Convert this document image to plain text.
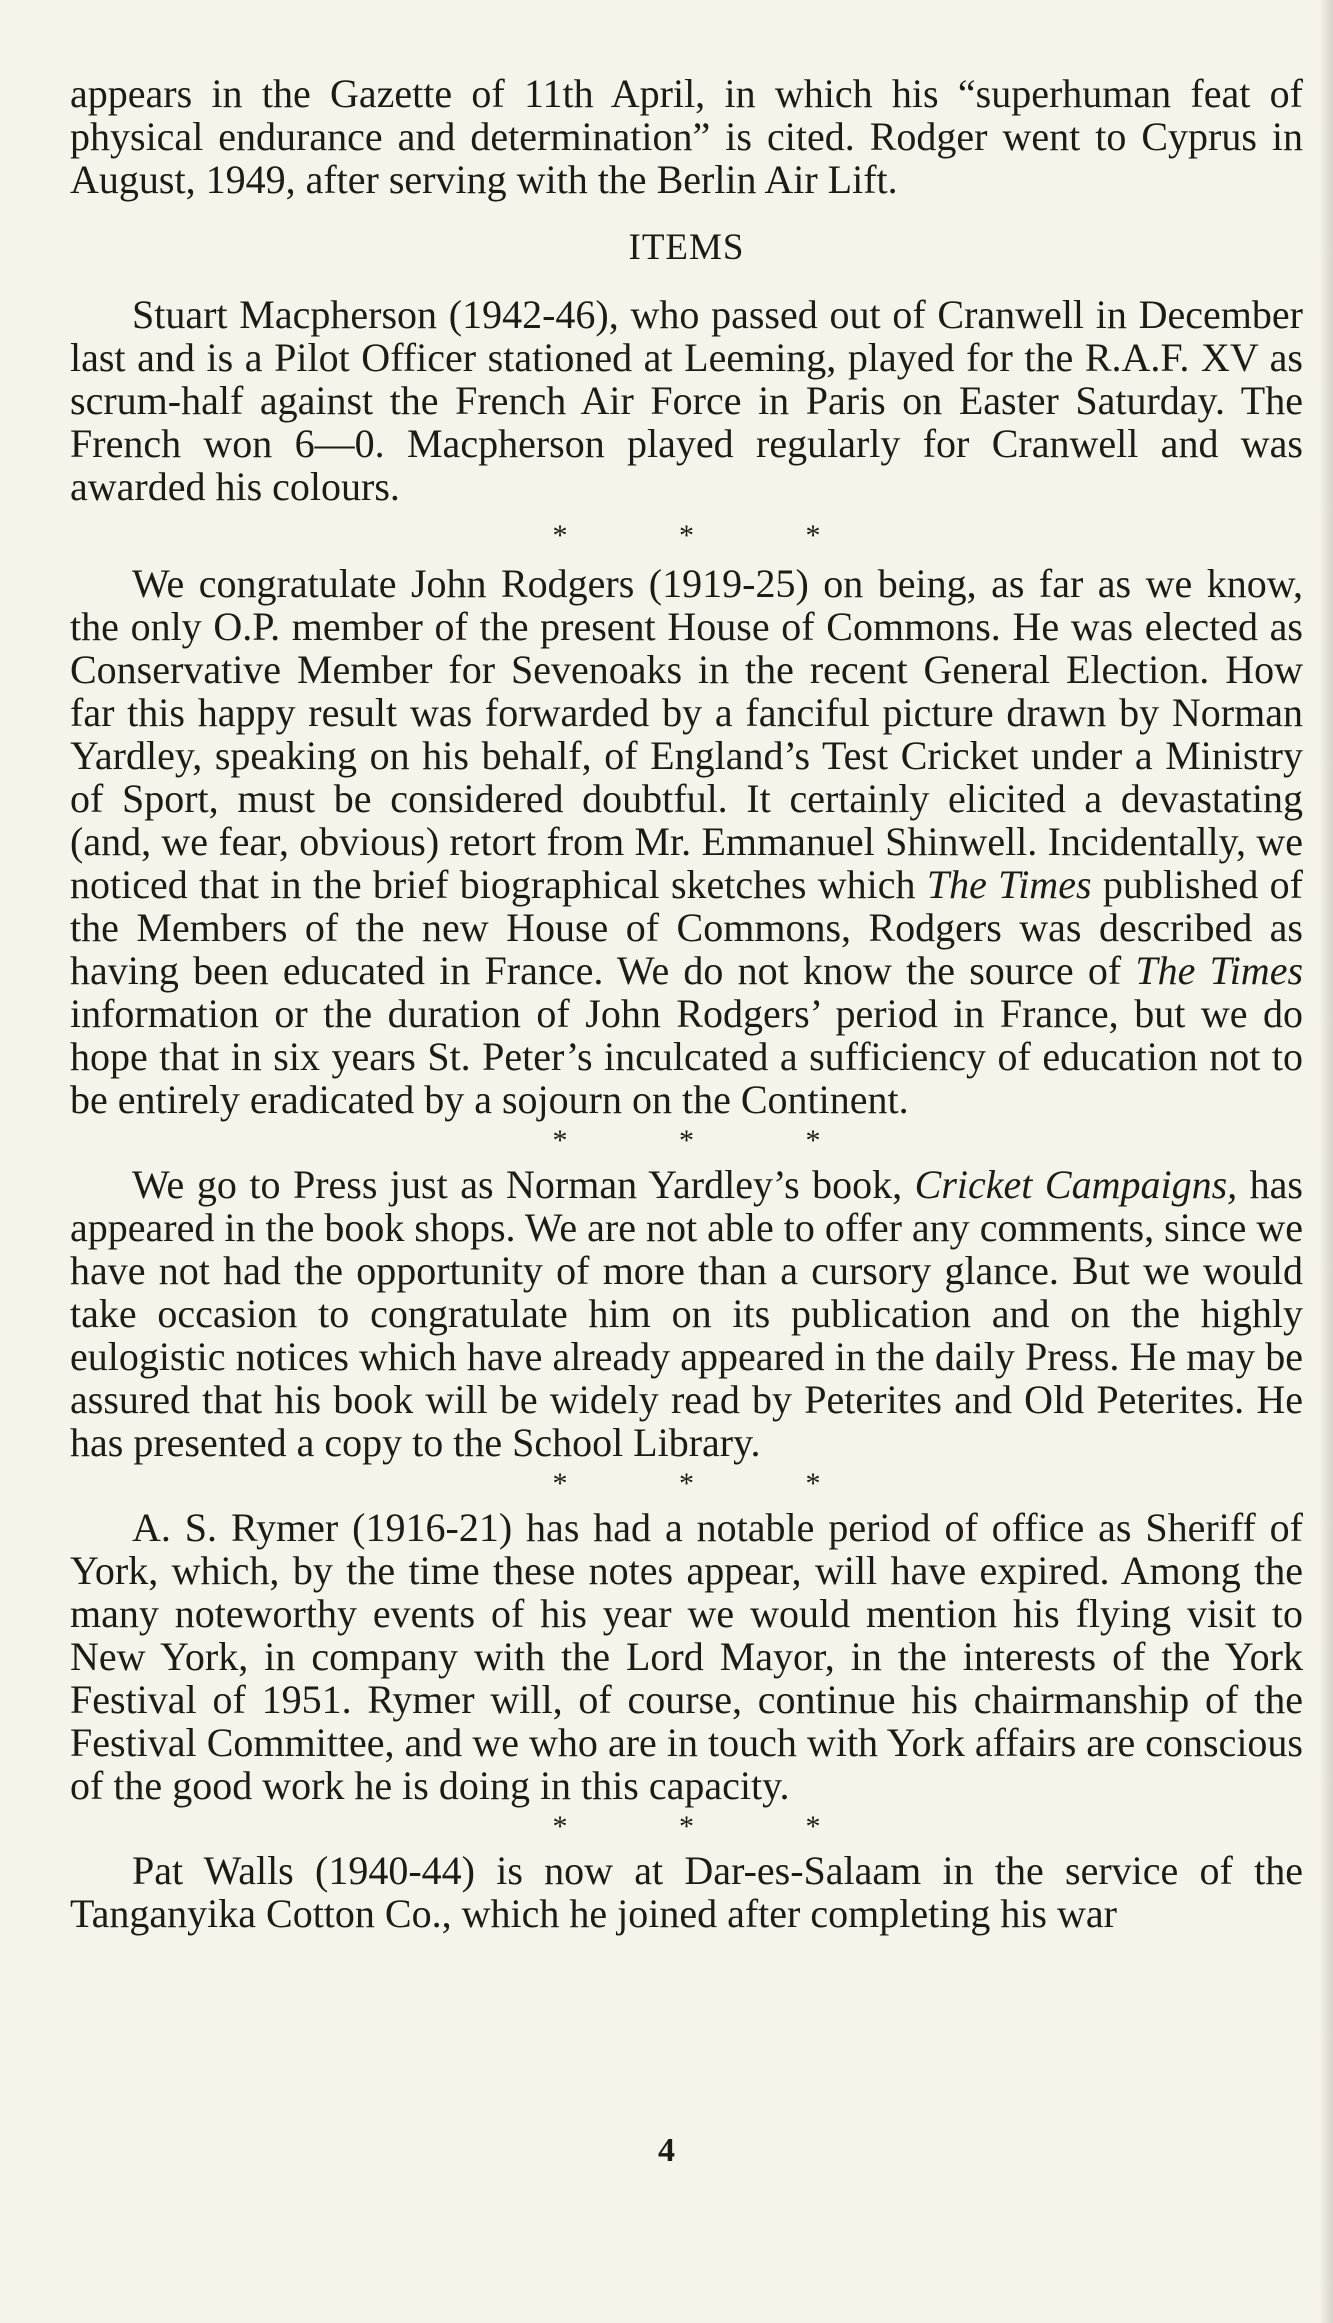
appears in the Gazette of 11th April, in which his “superhuman feat of physical endurance and determination” is cited. Rodger went to Cyprus in August, 1949, after serving with the Berlin Air Lift.

ITEMS

Stuart Macpherson (1942-46), who passed out of Cranwell in December last and is a Pilot Officer stationed at Leeming, played for the R.A.F. XV as scrum-half against the French Air Force in Paris on Easter Saturday. The French won 6—0. Macpherson played regularly for Cranwell and was awarded his colours.

* * *

We congratulate John Rodgers (1919-25) on being, as far as we know, the only O.P. member of the present House of Commons. He was elected as Conservative Member for Sevenoaks in the recent General Election. How far this happy result was forwarded by a fanciful picture drawn by Norman Yardley, speaking on his behalf, of England’s Test Cricket under a Ministry of Sport, must be considered doubtful. It certainly elicited a devastating (and, we fear, obvious) retort from Mr. Emmanuel Shinwell. Incidentally, we noticed that in the brief biographical sketches which The Times published of the Members of the new House of Commons, Rodgers was described as having been educated in France. We do not know the source of The Times information or the duration of John Rodgers’ period in France, but we do hope that in six years St. Peter’s inculcated a sufficiency of education not to be entirely eradicated by a sojourn on the Continent.

* * *

We go to Press just as Norman Yardley’s book, Cricket Campaigns, has appeared in the book shops. We are not able to offer any comments, since we have not had the opportunity of more than a cursory glance. But we would take occasion to congratulate him on its publication and on the highly eulogistic notices which have already appeared in the daily Press. He may be assured that his book will be widely read by Peterites and Old Peterites. He has presented a copy to the School Library.

* * *

A. S. Rymer (1916-21) has had a notable period of office as Sheriff of York, which, by the time these notes appear, will have expired. Among the many noteworthy events of his year we would mention his flying visit to New York, in company with the Lord Mayor, in the interests of the York Festival of 1951. Rymer will, of course, continue his chairmanship of the Festival Committee, and we who are in touch with York affairs are conscious of the good work he is doing in this capacity.

* * *

Pat Walls (1940-44) is now at Dar-es-Salaam in the service of the Tanganyika Cotton Co., which he joined after completing his war

4
